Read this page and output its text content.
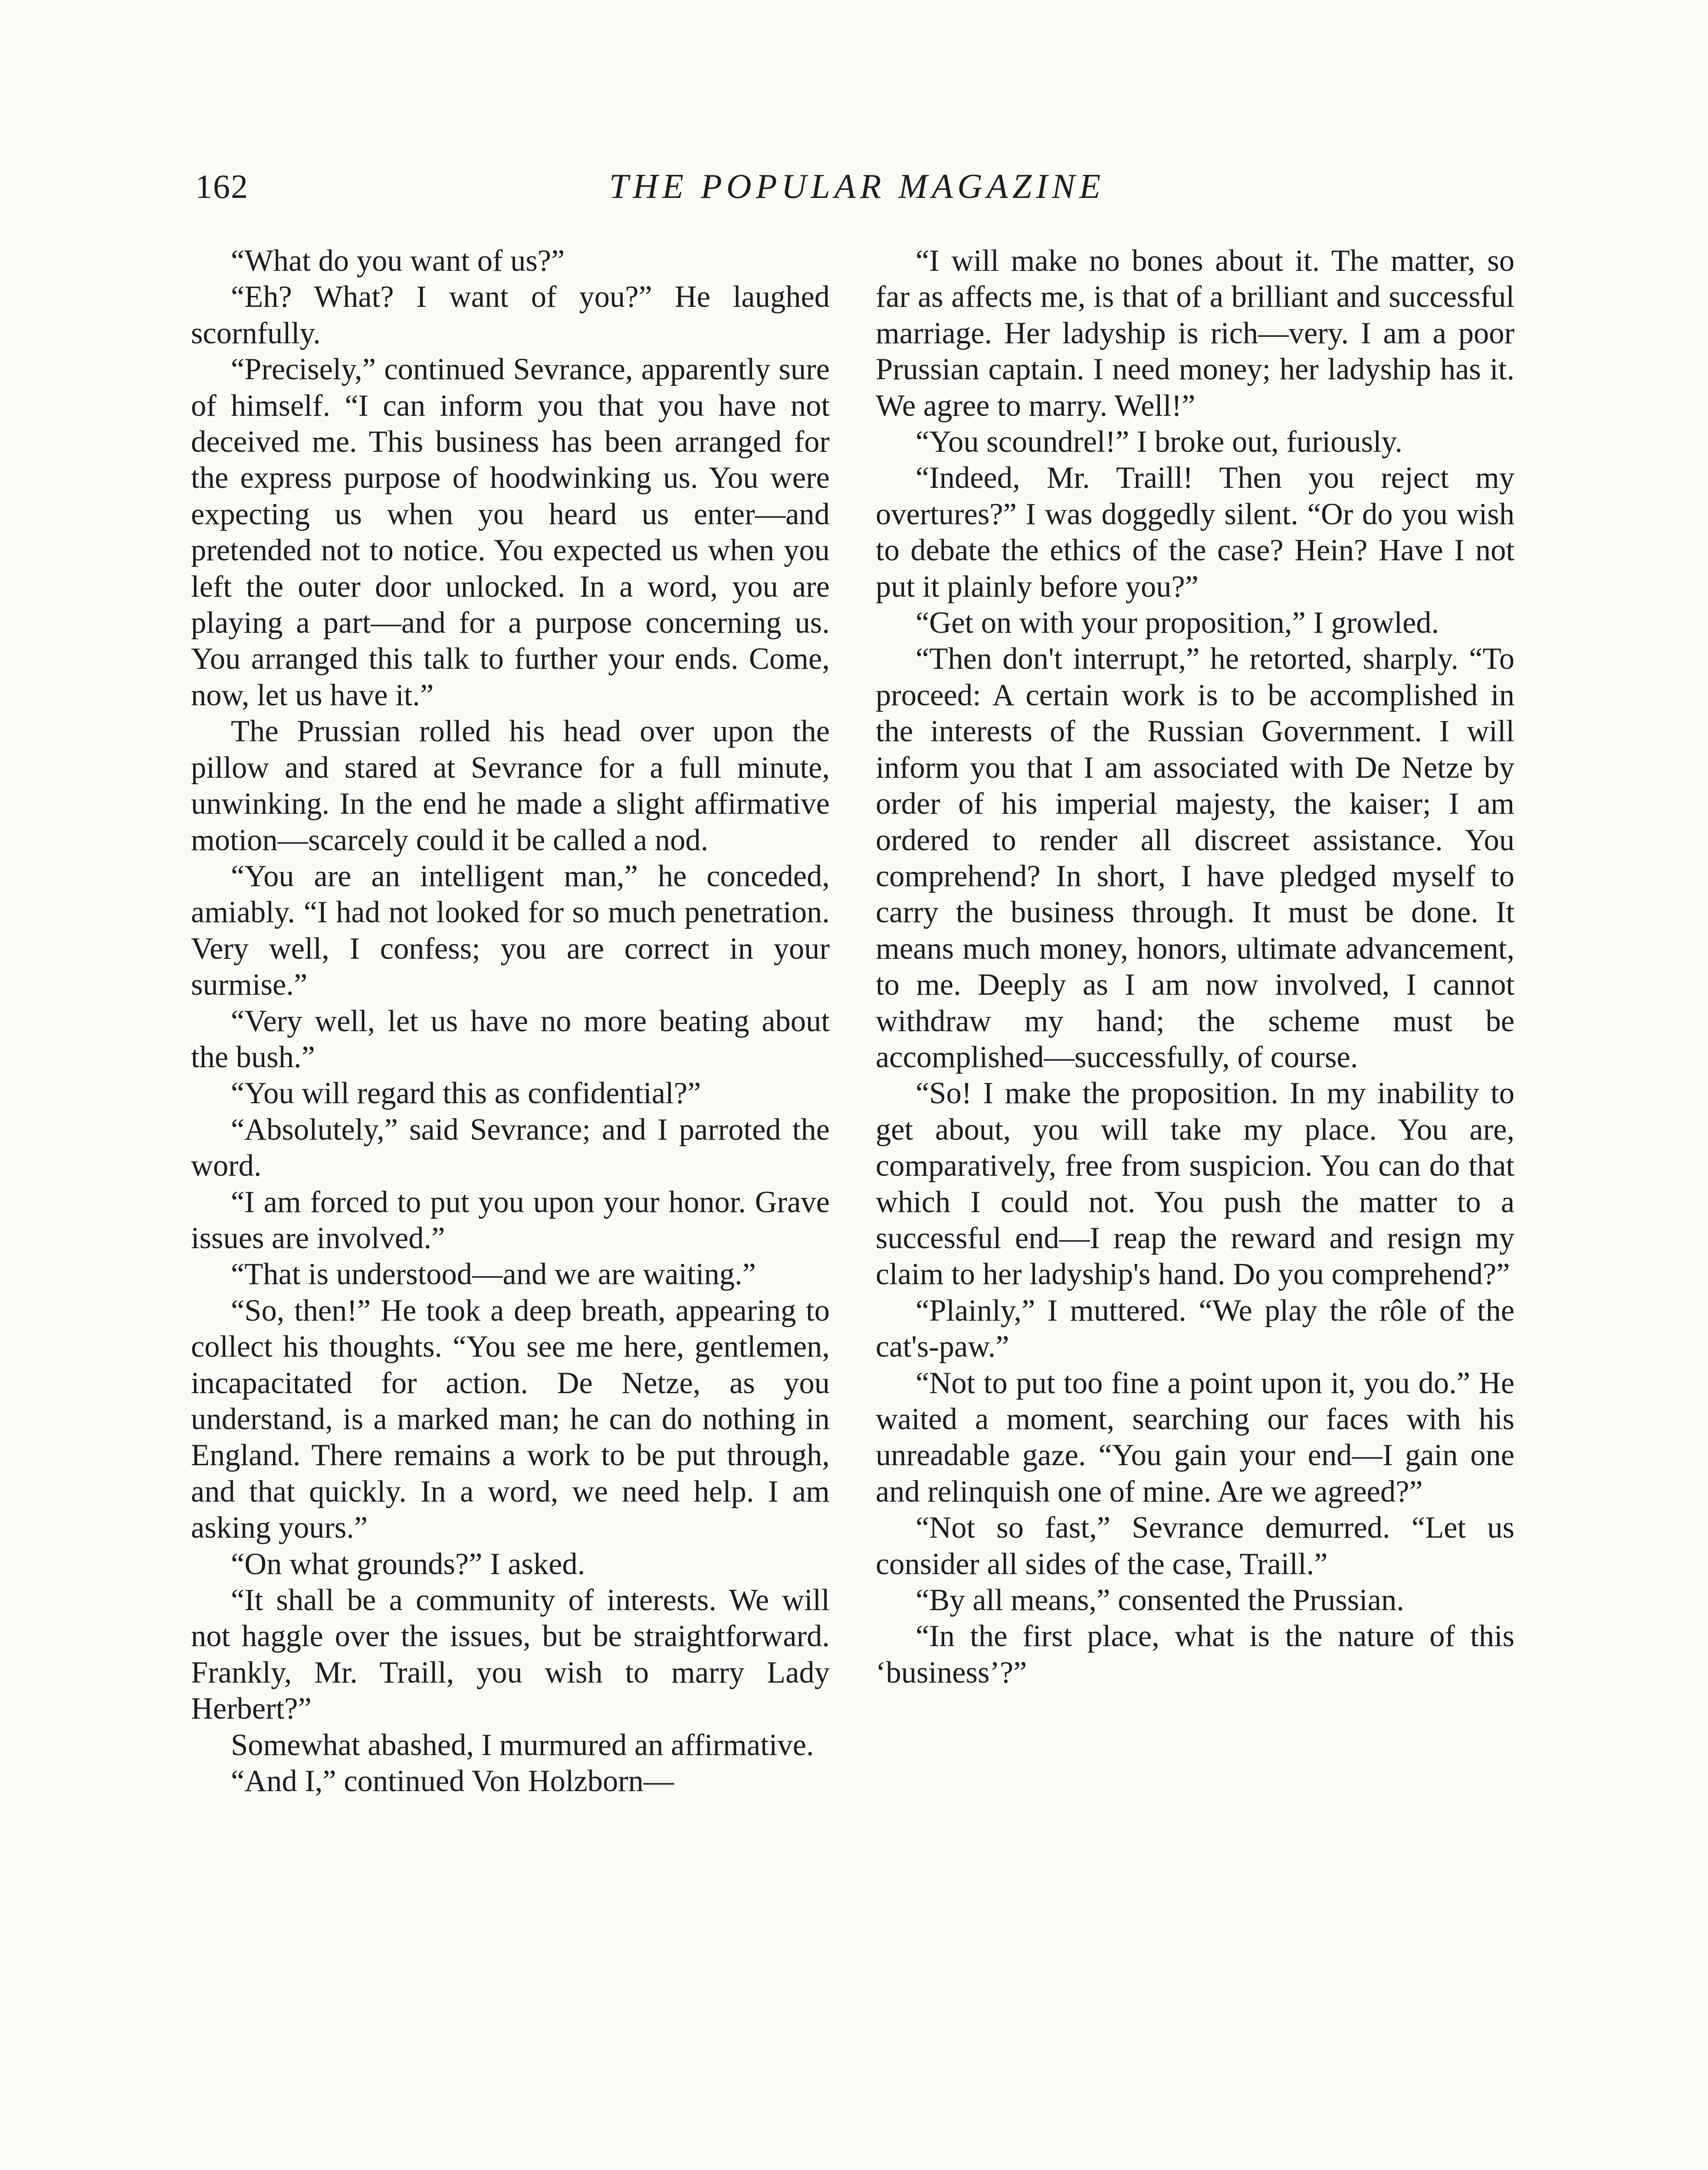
162	THE POPULAR MAGAZINE

“What do you want of us?”

“Eh? What? I want of you?” He laughed scornfully.

“Precisely,” continued Sevrance, apparently sure of himself. “I can inform you that you have not deceived me. This business has been arranged for the express purpose of hoodwinking us. You were expecting us when you heard us enter—and pretended not to notice. You expected us when you left the outer door unlocked. In a word, you are playing a part—and for a purpose concerning us. You arranged this talk to further your ends. Come, now, let us have it.”

The Prussian rolled his head over upon the pillow and stared at Sevrance for a full minute, unwinking. In the end he made a slight affirmative motion—scarcely could it be called a nod.

“You are an intelligent man,” he conceded, amiably. “I had not looked for so much penetration. Very well, I confess; you are correct in your surmise.”

“Very well, let us have no more beating about the bush.”

“You will regard this as confidential?”

“Absolutely,” said Sevrance; and I parroted the word.

“I am forced to put you upon your honor. Grave issues are involved.”

“That is understood—and we are waiting.”

“So, then!” He took a deep breath, appearing to collect his thoughts. “You see me here, gentlemen, incapacitated for action. De Netze, as you understand, is a marked man; he can do nothing in England. There remains a work to be put through, and that quickly. In a word, we need help. I am asking yours.”

“On what grounds?” I asked.

“It shall be a community of interests. We will not haggle over the issues, but be straightforward. Frankly, Mr. Traill, you wish to marry Lady Herbert?”

Somewhat abashed, I murmured an affirmative.

“And I,” continued Von Holzborn—

“I will make no bones about it. The matter, so far as affects me, is that of a brilliant and successful marriage. Her ladyship is rich—very. I am a poor Prussian captain. I need money; her ladyship has it. We agree to marry. Well!”

“You scoundrel!” I broke out, furiously.

“Indeed, Mr. Traill! Then you reject my overtures?” I was doggedly silent. “Or do you wish to debate the ethics of the case? Hein? Have I not put it plainly before you?”

“Get on with your proposition,” I growled.

“Then don't interrupt,” he retorted, sharply. “To proceed: A certain work is to be accomplished in the interests of the Russian Government. I will inform you that I am associated with De Netze by order of his imperial majesty, the kaiser; I am ordered to render all discreet assistance. You comprehend? In short, I have pledged myself to carry the business through. It must be done. It means much money, honors, ultimate advancement, to me. Deeply as I am now involved, I cannot withdraw my hand; the scheme must be accomplished—successfully, of course.

“So! I make the proposition. In my inability to get about, you will take my place. You are, comparatively, free from suspicion. You can do that which I could not. You push the matter to a successful end—I reap the reward and resign my claim to her ladyship's hand. Do you comprehend?”

“Plainly,” I muttered. “We play the rôle of the cat's-paw.”

“Not to put too fine a point upon it, you do.” He waited a moment, searching our faces with his unreadable gaze. “You gain your end—I gain one and relinquish one of mine. Are we agreed?”

“Not so fast,” Sevrance demurred. “Let us consider all sides of the case, Traill.”

“By all means,” consented the Prussian.

“In the first place, what is the nature of this ‘business’?”
